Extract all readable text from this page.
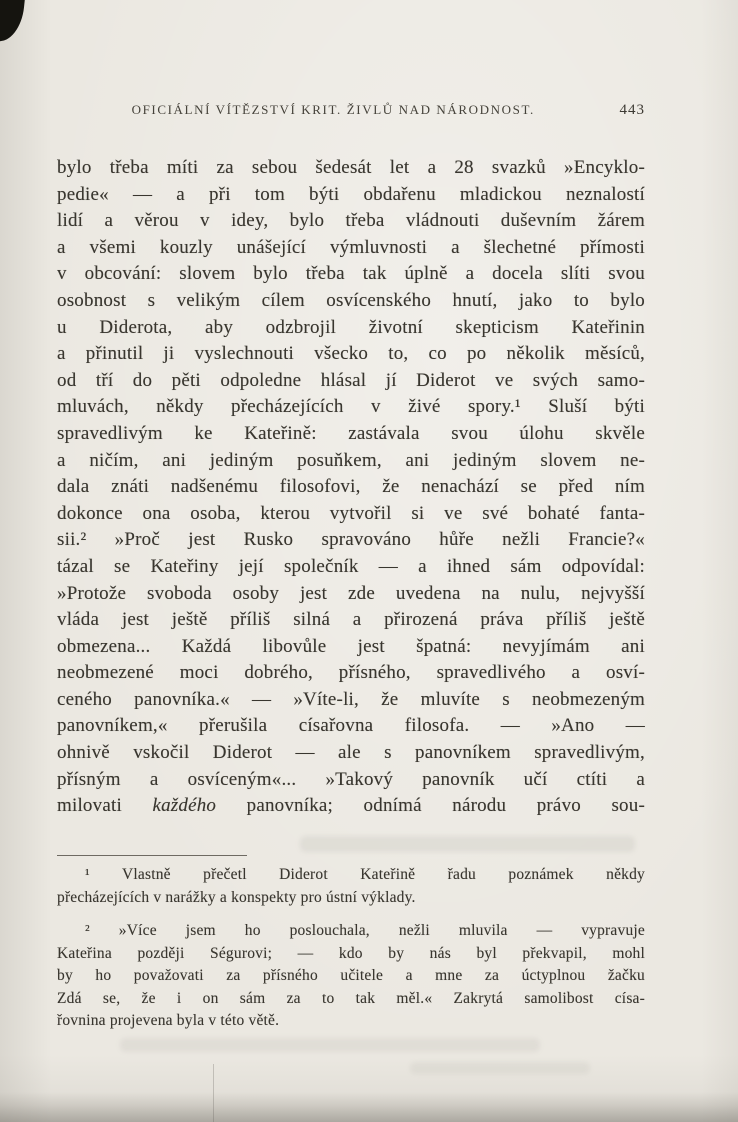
OFICIÁLNÍ VÍTĚZSTVÍ KRIT. ŽIVLŮ NAD NÁRODNOST.	443
bylo třeba míti za sebou šedesát let a 28 svazků »Encyklo-
pedie« — a při tom býti obdařenu mladickou neznalostí
lidí a věrou v idey, bylo třeba vládnouti duševním žárem
a všemi kouzly unášející výmluvnosti a šlechetné přímosti
v obcování: slovem bylo třeba tak úplně a docela slíti svou
osobnost s velikým cílem osvícenského hnutí, jako to bylo
u Diderota, aby odzbrojil životní skepticism Kateřinin
a přinutil ji vyslechnouti všecko to, co po několik měsíců,
od tří do pěti odpoledne hlásal jí Diderot ve svých samo-
mluvách, někdy přecházejících v živé spory.¹ Sluší býti
spravedlivým ke Kateřině: zastávala svou úlohu skvěle
a ničím, ani jediným posuňkem, ani jediným slovem ne-
dala znáti nadšenému filosofovi, že nenachází se před ním
dokonce ona osoba, kterou vytvořil si ve své bohaté fanta-
sii.² »Proč jest Rusko spravováno hůře nežli Francie?«
tázal se Kateřiny její společník — a ihned sám odpovídal:
»Protože svoboda osoby jest zde uvedena na nulu, nejvyšší
vláda jest ještě příliš silná a přirozená práva příliš ještě
obmezena... Každá libovůle jest špatná: nevyjímám ani
neobmezené moci dobrého, přísného, spravedlivého a osví-
ceného panovníka.« — »Víte-li, že mluvíte s neobmezeným
panovníkem,« přerušila císařovna filosofa. — »Ano —
ohnivě vskočil Diderot — ale s panovníkem spravedlivým,
přísným a osvíceným«... »Takový panovník učí ctíti a
milovati každého panovníka; odnímá národu právo sou-
¹ Vlastně přečetl Diderot Kateřině řadu poznámek někdy
přecházejících v narážky a konspekty pro ústní výklady.
² »Více jsem ho poslouchala, nežli mluvila — vypravuje
Kateřina později Ségurovi; — kdo by nás byl překvapil, mohl
by ho považovati za přísného učitele a mne za úctyplnou žačku
Zdá se, že i on sám za to tak měl.« Zakrytá samolibost císa-
řovnina projevena byla v této větě.
